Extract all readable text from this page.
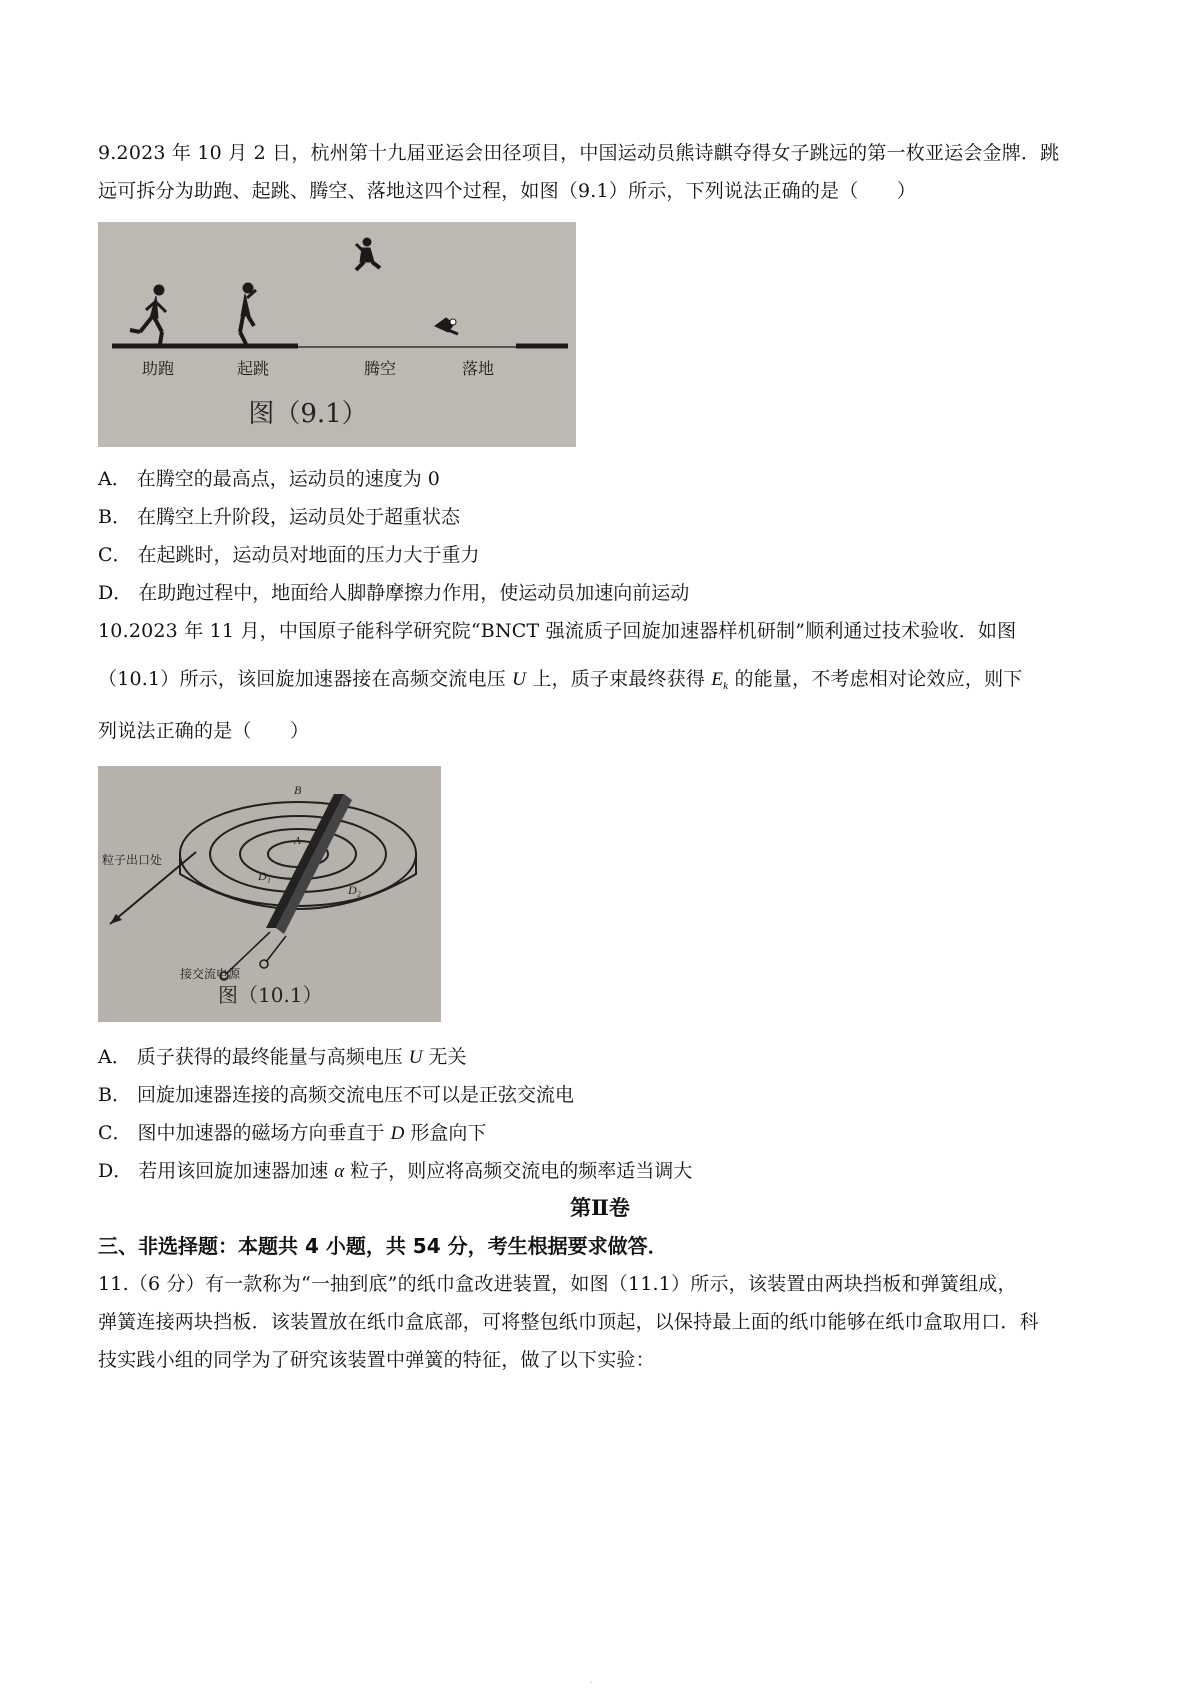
9.2023 年 10 月 2 日，杭州第十九届亚运会田径项目，中国运动员熊诗麒夺得女子跳远的第一枚亚运会金牌．跳

远可拆分为助跑、起跳、腾空、落地这四个过程，如图（9.1）所示，下列说法正确的是（　　）

助跑	起跳	腾空	落地
图（9.1）
A． 在腾空的最高点，运动员的速度为 0
B． 在腾空上升阶段，运动员处于超重状态
C． 在起跳时，运动员对地面的压力大于重力
D． 在助跑过程中，地面给人脚静摩擦力作用，使运动员加速向前运动

10.2023 年 11 月，中国原子能科学研究院“BNCT 强流质子回旋加速器样机研制”顺利通过技术验收．如图

（10.1）所示，该回旋加速器接在高频交流电压 U 上，质子束最终获得 $E_k$ 的能量，不考虑相对论效应，则下

列说法正确的是（　　）

B
A
D₁
D₂
粒子出口处
接交流电源
图（10.1）
A． 质子获得的最终能量与高频电压 U 无关
B． 回旋加速器连接的高频交流电压不可以是正弦交流电
C． 图中加速器的磁场方向垂直于 D 形盒向下
D． 若用该回旋加速器加速 α 粒子，则应将高频交流电的频率适当调大
第Ⅱ卷
三、非选择题：本题共 4 小题，共 54 分，考生根据要求做答．

11.（6 分）有一款称为“一抽到底”的纸巾盒改进装置，如图（11.1）所示，该装置由两块挡板和弹簧组成，

弹簧连接两块挡板．该装置放在纸巾盒底部，可将整包纸巾顶起，以保持最上面的纸巾能够在纸巾盒取用口．科

技实践小组的同学为了研究该装置中弹簧的特征，做了以下实验：

.
